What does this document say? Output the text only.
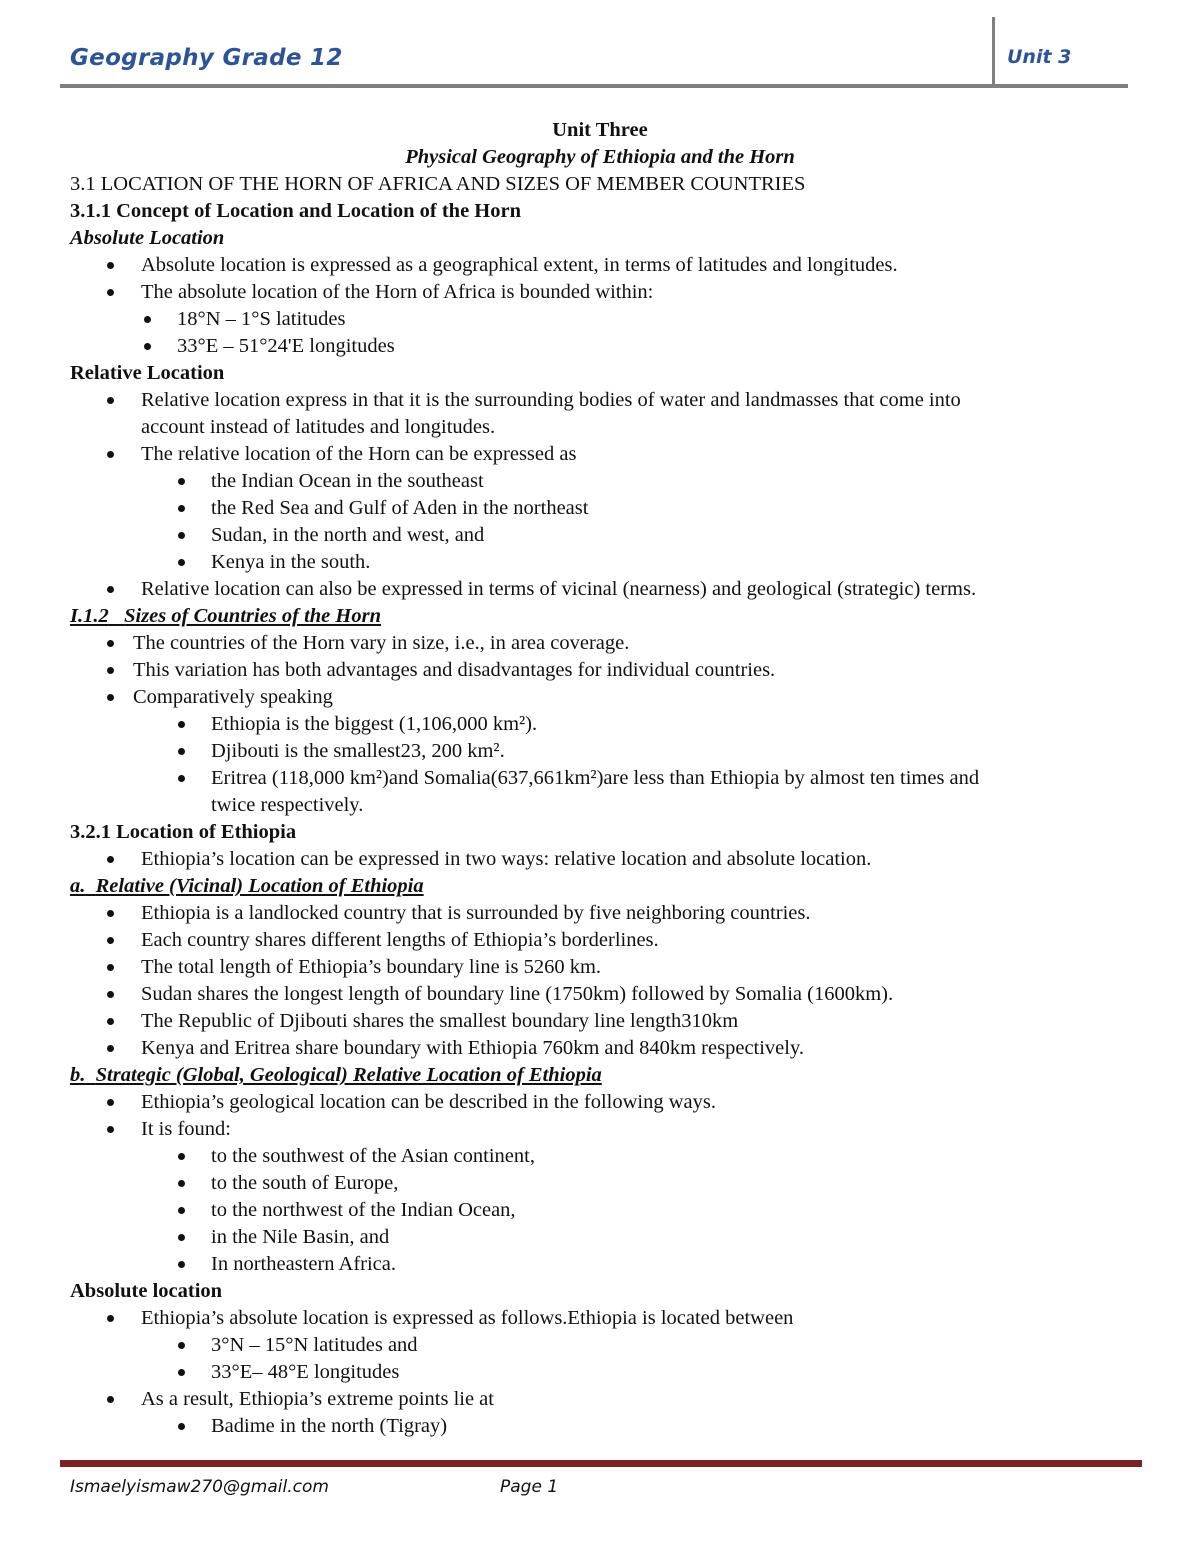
Geography Grade 12	Unit 3
Unit Three
Physical Geography of Ethiopia and the Horn
3.1 LOCATION OF THE HORN OF AFRICA AND SIZES OF MEMBER COUNTRIES
3.1.1 Concept of Location and Location of the Horn
Absolute Location
Absolute location is expressed as a geographical extent, in terms of latitudes and longitudes.
The absolute location of the Horn of Africa is bounded within:
18°N – 1°S latitudes
33°E – 51°24'E longitudes
Relative Location
Relative location express in that it is the surrounding bodies of water and landmasses that come into
account instead of latitudes and longitudes.
The relative location of the Horn can be expressed as
the Indian Ocean in the southeast
the Red Sea and Gulf of Aden in the northeast
Sudan, in the north and west, and
Kenya in the south.
Relative location can also be expressed in terms of vicinal (nearness) and geological (strategic) terms.
I.1.2 Sizes of Countries of the Horn
The countries of the Horn vary in size, i.e., in area coverage.
This variation has both advantages and disadvantages for individual countries.
Comparatively speaking
Ethiopia is the biggest (1,106,000 km²).
Djibouti is the smallest23, 200 km².
Eritrea (118,000 km²)and Somalia(637,661km²)are less than Ethiopia by almost ten times and
twice respectively.
3.2.1 Location of Ethiopia
Ethiopia’s location can be expressed in two ways: relative location and absolute location.
a. Relative (Vicinal) Location of Ethiopia
Ethiopia is a landlocked country that is surrounded by five neighboring countries.
Each country shares different lengths of Ethiopia’s borderlines.
The total length of Ethiopia’s boundary line is 5260 km.
Sudan shares the longest length of boundary line (1750km) followed by Somalia (1600km).
The Republic of Djibouti shares the smallest boundary line length310km
Kenya and Eritrea share boundary with Ethiopia 760km and 840km respectively.
b. Strategic (Global, Geological) Relative Location of Ethiopia
Ethiopia’s geological location can be described in the following ways.
It is found:
to the southwest of the Asian continent,
to the south of Europe,
to the northwest of the Indian Ocean,
in the Nile Basin, and
In northeastern Africa.
Absolute location
Ethiopia’s absolute location is expressed as follows.Ethiopia is located between
3°N – 15°N latitudes and
33°E– 48°E longitudes
As a result, Ethiopia’s extreme points lie at
Badime in the north (Tigray)
Ismaelyismaw270@gmail.com	Page 1
